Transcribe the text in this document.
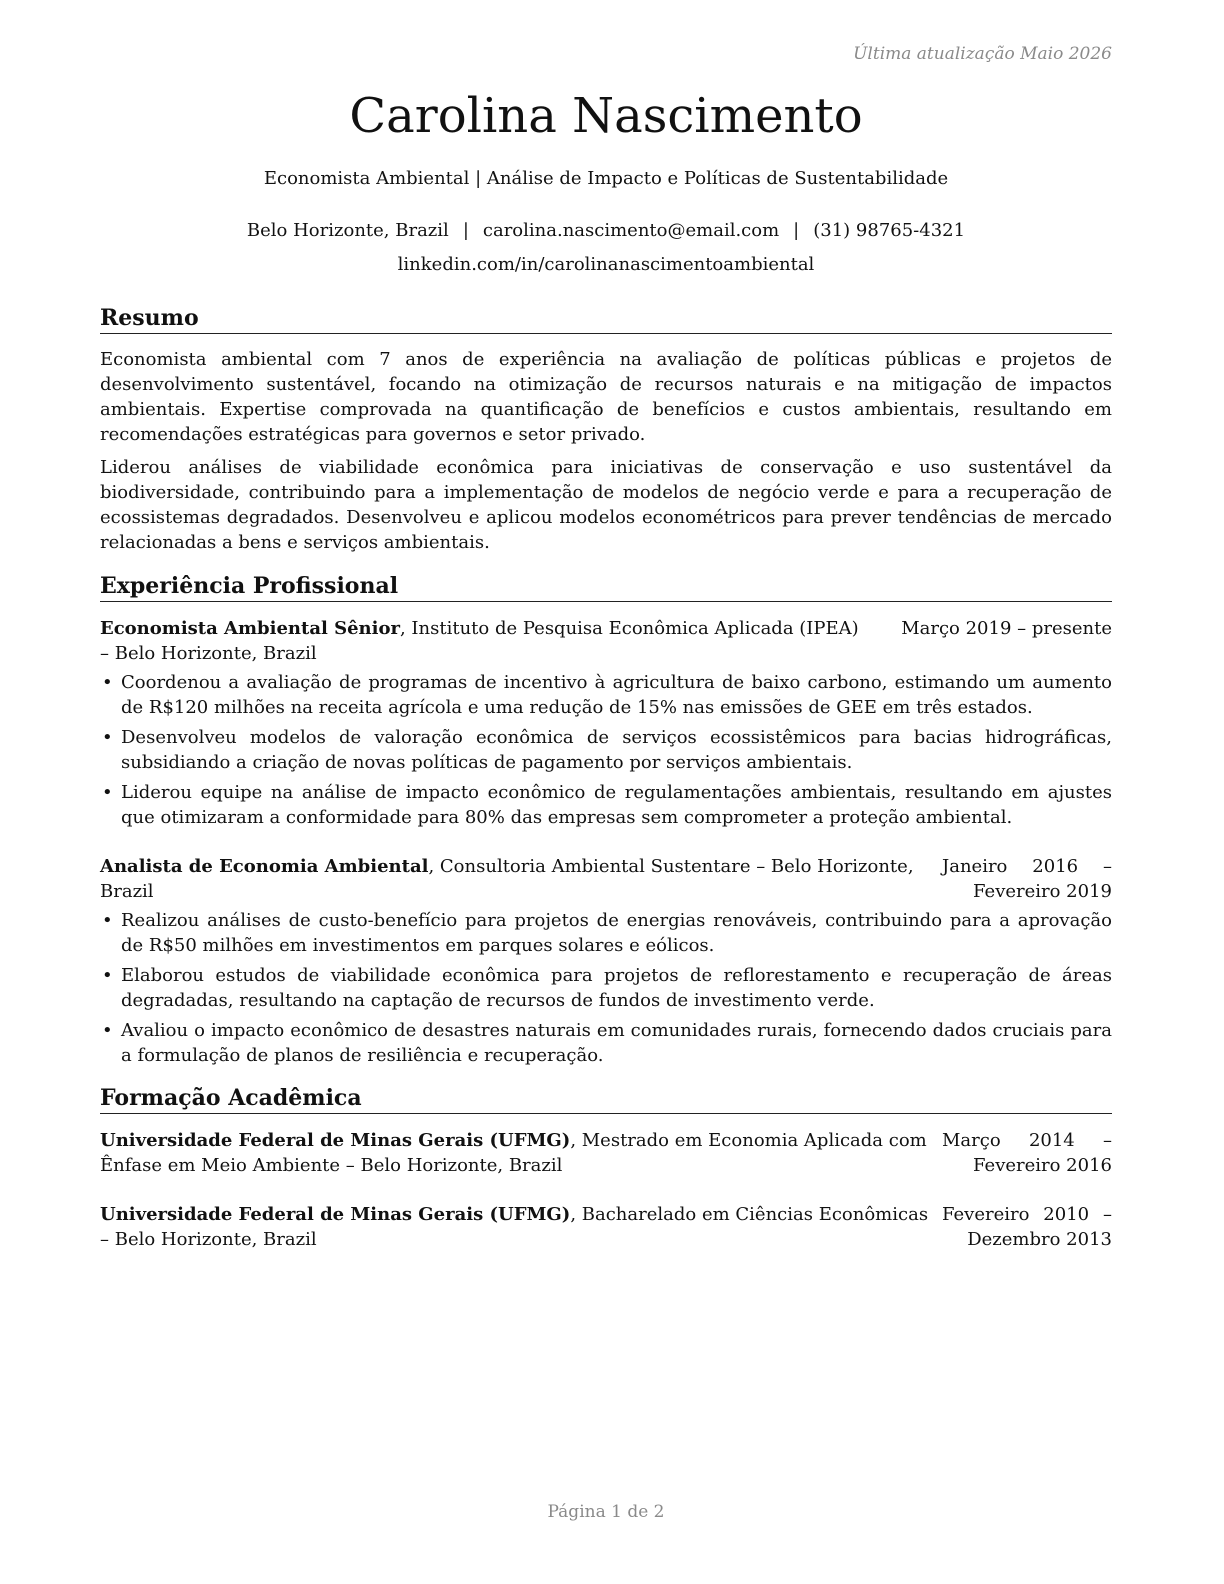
Última atualização Maio 2026
Carolina Nascimento
Economista Ambiental | Análise de Impacto e Políticas de Sustentabilidade
Belo Horizonte, Brazil | carolina.nascimento@email.com | (31) 98765-4321
linkedin.com/in/carolinanascimentoambiental
Resumo

Economista ambiental com 7 anos de experiência na avaliação de políticas públicas e projetos de desenvolvimento sustentável, focando na otimização de recursos naturais e na mitigação de impactos ambientais. Expertise comprovada na quantificação de benefícios e custos ambientais, resultando em recomendações estratégicas para governos e setor privado.

Liderou análises de viabilidade econômica para iniciativas de conservação e uso sustentável da biodiversidade, contribuindo para a implementação de modelos de negócio verde e para a recuperação de ecossistemas degradados. Desenvolveu e aplicou modelos econométricos para prever tendências de mercado relacionadas a bens e serviços ambientais.

Experiência Profissional
Economista Ambiental Sênior, Instituto de Pesquisa Econômica Aplicada (IPEA) – Belo Horizonte, Brazil
Março 2019 – presente
• Coordenou a avaliação de programas de incentivo à agricultura de baixo carbono, estimando um aumento de R$120 milhões na receita agrícola e uma redução de 15% nas emissões de GEE em três estados.
• Desenvolveu modelos de valoração econômica de serviços ecossistêmicos para bacias hidrográficas, subsidiando a criação de novas políticas de pagamento por serviços ambientais.
• Liderou equipe na análise de impacto econômico de regulamentações ambientais, resultando em ajustes que otimizaram a conformidade para 80% das empresas sem comprometer a proteção ambiental.
Analista de Economia Ambiental, Consultoria Ambiental Sustentare – Belo Horizonte, Brazil
Janeiro 2016 – Fevereiro 2019
• Realizou análises de custo-benefício para projetos de energias renováveis, contribuindo para a aprovação de R$50 milhões em investimentos em parques solares e eólicos.
• Elaborou estudos de viabilidade econômica para projetos de reflorestamento e recuperação de áreas degradadas, resultando na captação de recursos de fundos de investimento verde.
• Avaliou o impacto econômico de desastres naturais em comunidades rurais, fornecendo dados cruciais para a formulação de planos de resiliência e recuperação.
Formação Acadêmica
Universidade Federal de Minas Gerais (UFMG), Mestrado em Economia Aplicada com Ênfase em Meio Ambiente – Belo Horizonte, Brazil
Março 2014 – Fevereiro 2016
Universidade Federal de Minas Gerais (UFMG), Bacharelado em Ciências Econômicas – Belo Horizonte, Brazil
Fevereiro 2010 – Dezembro 2013
Página 1 de 2
